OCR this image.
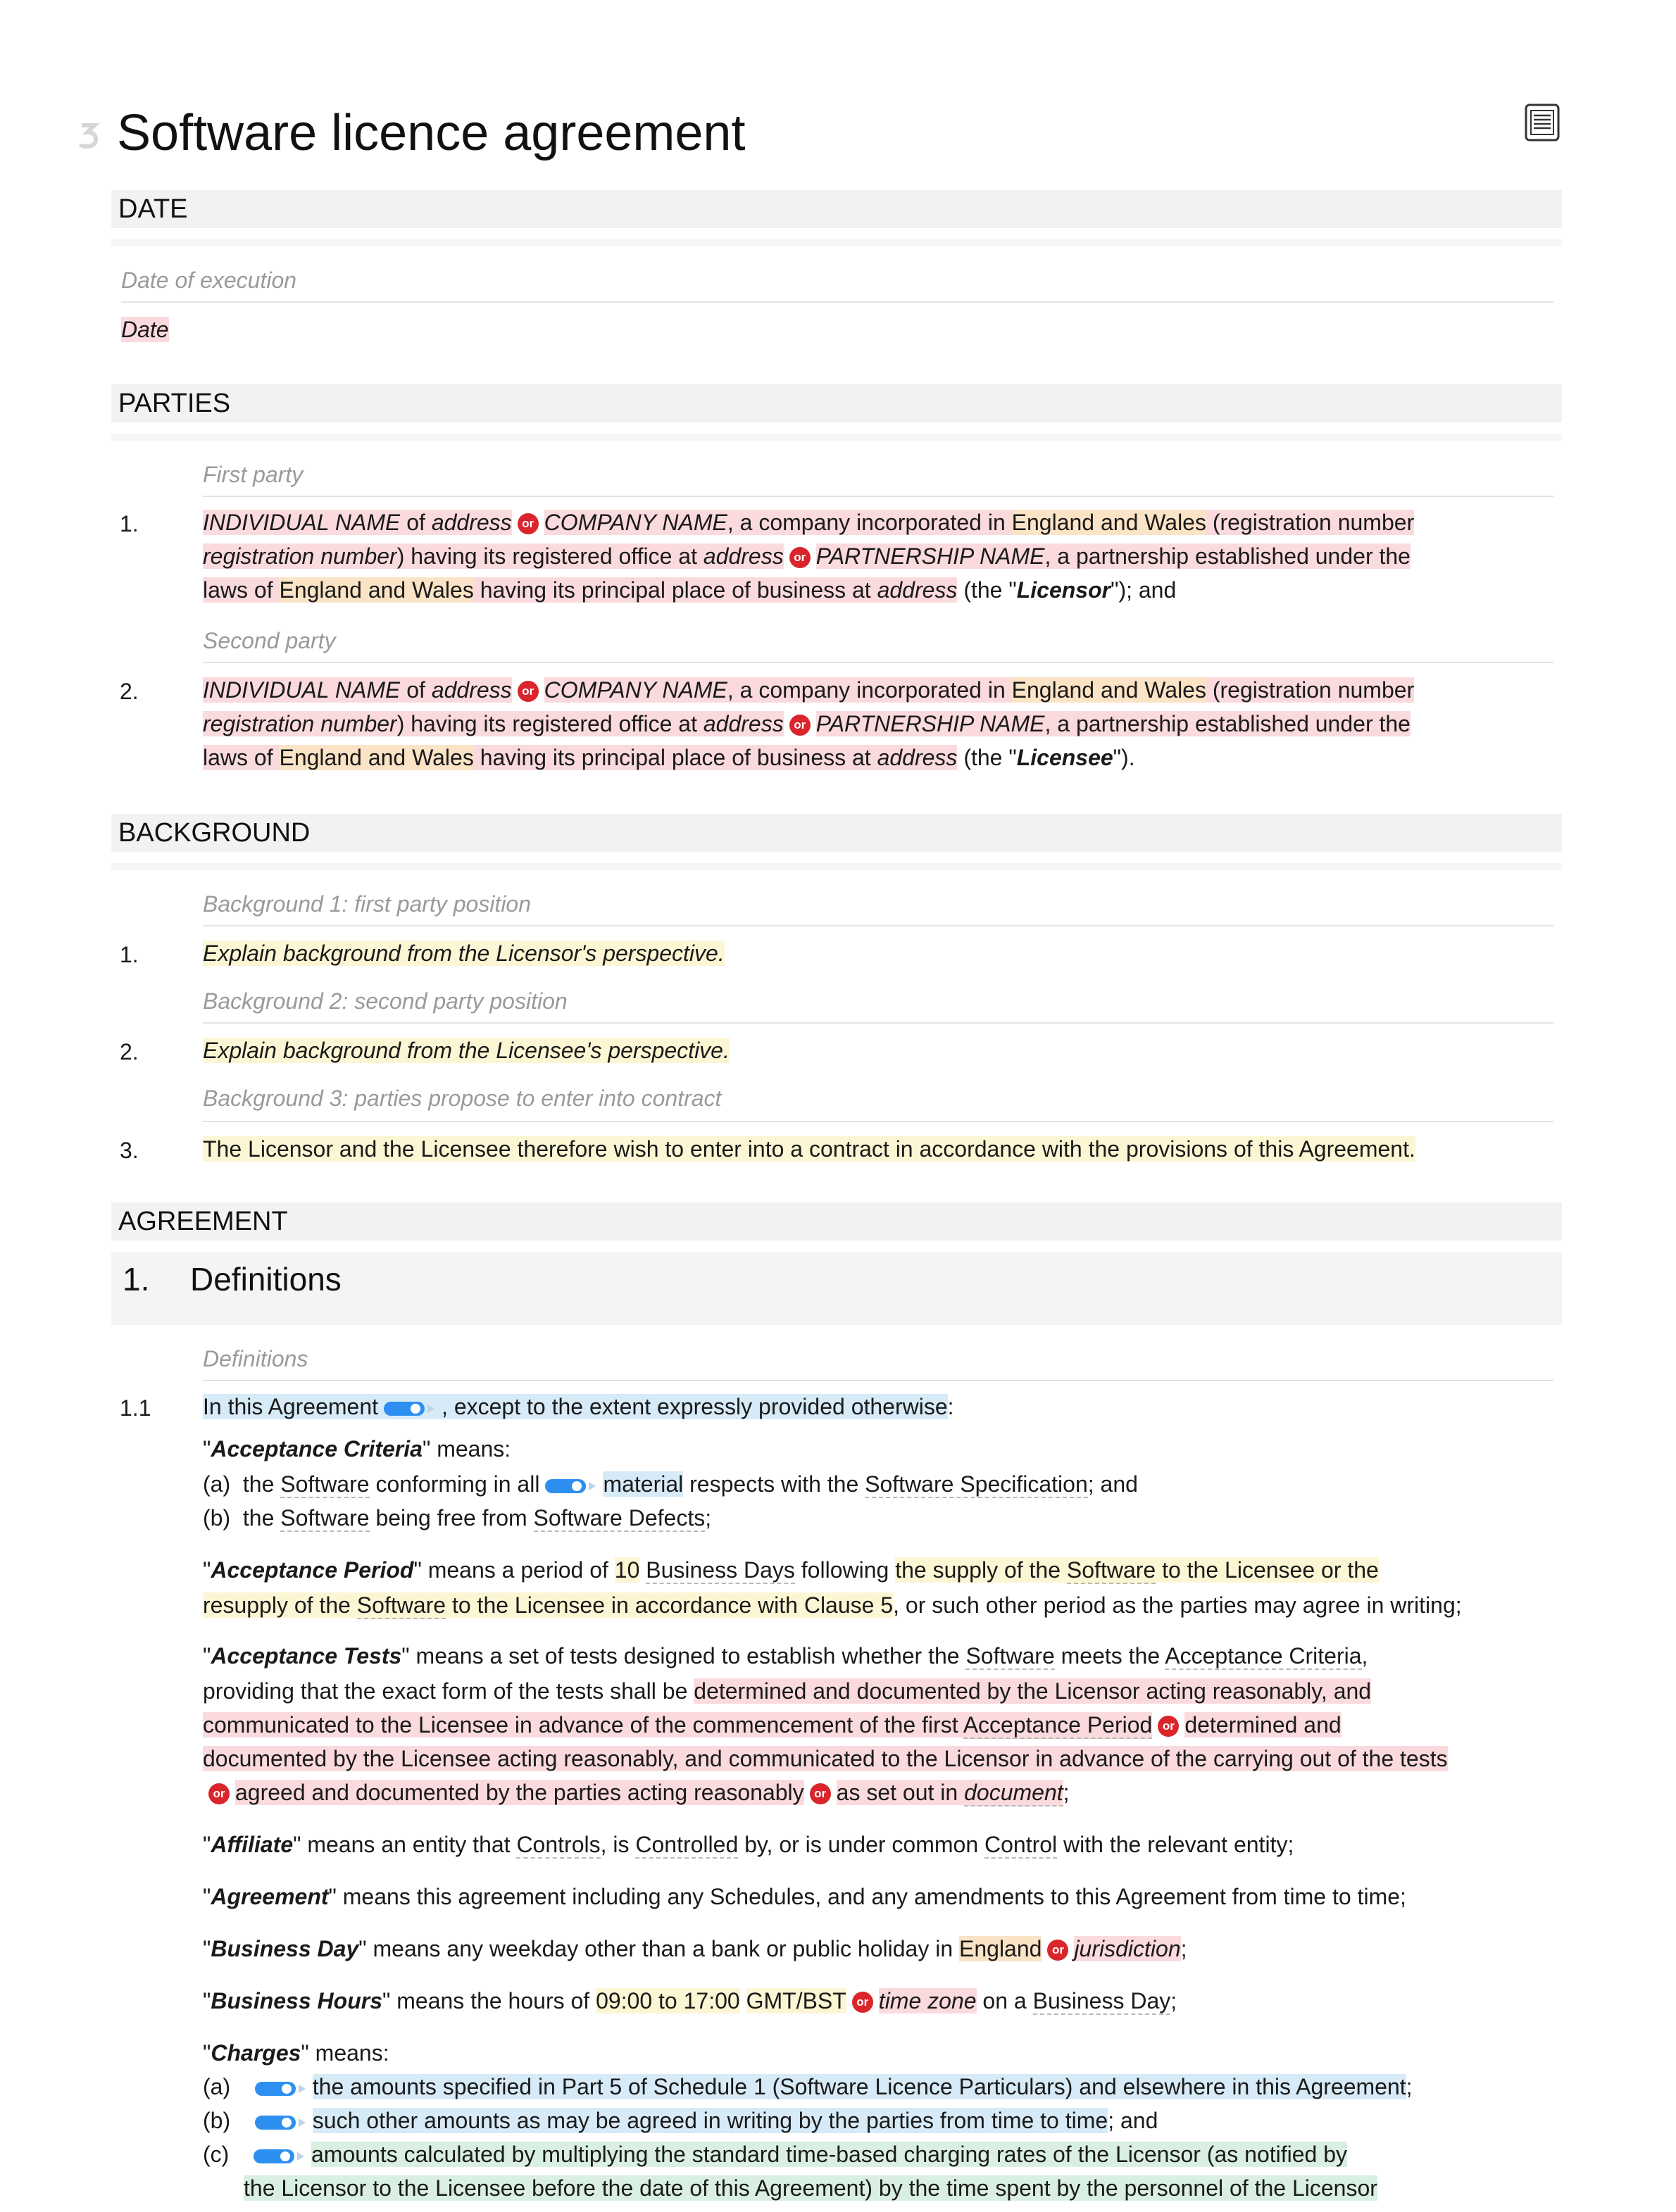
Software licence agreement
DATE
Date of execution
Date
PARTIES
First party
1.	INDIVIDUAL NAME of address or COMPANY NAME, a company incorporated in England and Wales (registration number
registration number) having its registered office at address or PARTNERSHIP NAME, a partnership established under the
laws of England and Wales having its principal place of business at address (the "Licensor"); and
Second party
2.	INDIVIDUAL NAME of address or COMPANY NAME, a company incorporated in England and Wales (registration number
registration number) having its registered office at address or PARTNERSHIP NAME, a partnership established under the
laws of England and Wales having its principal place of business at address (the "Licensee").
BACKGROUND
Background 1: first party position
1.	Explain background from the Licensor's perspective.
Background 2: second party position
2.	Explain background from the Licensee's perspective.
Background 3: parties propose to enter into contract
3.	The Licensor and the Licensee therefore wish to enter into a contract in accordance with the provisions of this Agreement.
AGREEMENT
1. Definitions
Definitions
1.1 In this Agreement	, except to the extent expressly provided otherwise:
"Acceptance Criteria" means:
(a) the Software conforming in all	material respects with the Software Specification; and
(b) the Software being free from Software Defects;
"Acceptance Period" means a period of 10 Business Days following the supply of the Software to the Licensee or the
resupply of the Software to the Licensee in accordance with Clause 5, or such other period as the parties may agree in writing;
"Acceptance Tests" means a set of tests designed to establish whether the Software meets the Acceptance Criteria,
providing that the exact form of the tests shall be determined and documented by the Licensor acting reasonably, and
communicated to the Licensee in advance of the commencement of the first Acceptance Period or determined and
documented by the Licensee acting reasonably, and communicated to the Licensor in advance of the carrying out of the tests
or agreed and documented by the parties acting reasonably or as set out in document;
"Affiliate" means an entity that Controls, is Controlled by, or is under common Control with the relevant entity;
"Agreement" means this agreement including any Schedules, and any amendments to this Agreement from time to time;
"Business Day" means any weekday other than a bank or public holiday in England or jurisdiction;
"Business Hours" means the hours of 09:00 to 17:00 GMT/BST or time zone on a Business Day;
"Charges" means:
(a)	the amounts specified in Part 5 of Schedule 1 (Software Licence Particulars) and elsewhere in this Agreement;
(b)	such other amounts as may be agreed in writing by the parties from time to time; and
(c)	amounts calculated by multiplying the standard time-based charging rates of the Licensor (as notified by
the Licensor to the Licensee before the date of this Agreement) by the time spent by the personnel of the Licensor
